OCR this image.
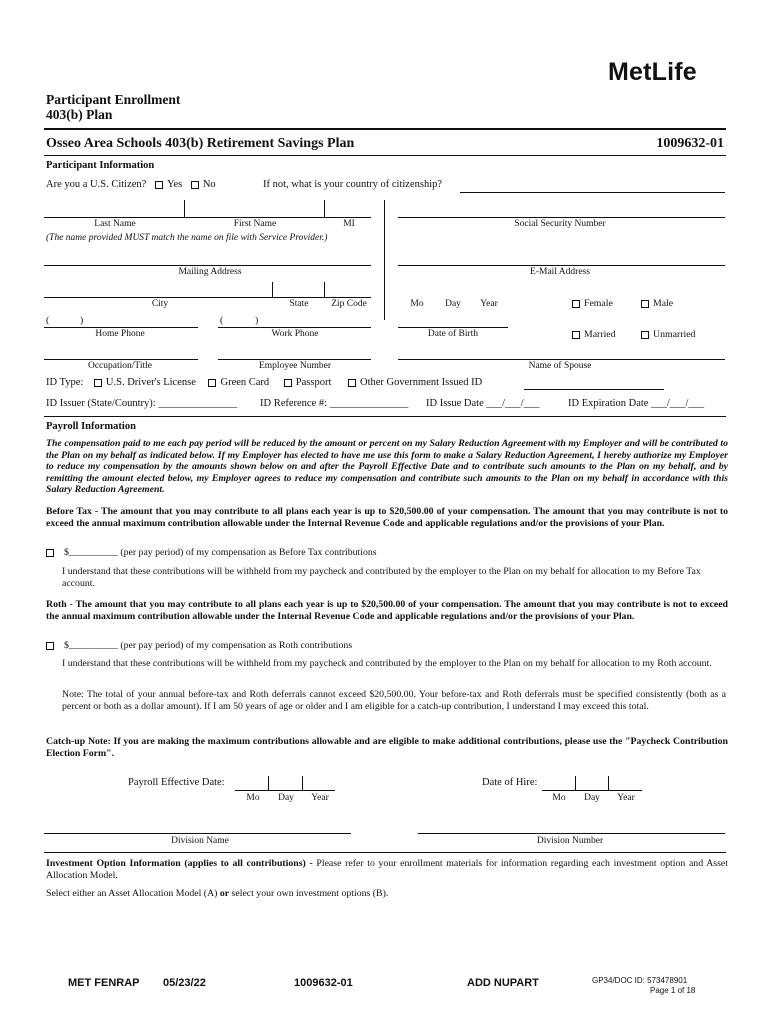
MetLife
Participant Enrollment
403(b) Plan
Osseo Area Schools 403(b) Retirement Savings Plan	1009632-01
Participant Information
Are you a U.S. Citizen? Yes No	If not, what is your country of citizenship?
Last Name	First Name	MI	Social Security Number
(The name provided MUST match the name on file with Service Provider.)
Mailing Address	E-Mail Address
City	State	Zip Code	Mo	Day	Year	Female	Male
(	)	(	)
Home Phone	Work Phone	Date of Birth	Married	Unmarried
Occupation/Title	Employee Number	Name of Spouse
ID Type: U.S. Driver's License Green Card	Passport	Other Government Issued ID
ID Issuer (State/Country): _______________ ID Reference #: _______________ ID Issue Date ___/___/___	ID Expiration Date ___/___/___
Payroll Information
The compensation paid to me each pay period will be reduced by the amount or percent on my Salary Reduction Agreement with my Employer and will be contributed to the Plan on my behalf as indicated below. If my Employer has elected to have me use this form to make a Salary Reduction Agreement, I hereby authorize my Employer to reduce my compensation by the amounts shown below on and after the Payroll Effective Date and to contribute such amounts to the Plan on my behalf, and by remitting the amount elected below, my Employer agrees to reduce my compensation and contribute such amounts to the Plan on my behalf in accordance with this Salary Reduction Agreement.
Before Tax - The amount that you may contribute to all plans each year is up to $20,500.00 of your compensation. The amount that you may contribute is not to exceed the annual maximum contribution allowable under the Internal Revenue Code and applicable regulations and/or the provisions of your Plan.
$__________ (per pay period) of my compensation as Before Tax contributions
I understand that these contributions will be withheld from my paycheck and contributed by the employer to the Plan on my behalf for allocation to my Before Tax account.
Roth - The amount that you may contribute to all plans each year is up to $20,500.00 of your compensation. The amount that you may contribute is not to exceed the annual maximum contribution allowable under the Internal Revenue Code and applicable regulations and/or the provisions of your Plan.
$__________ (per pay period) of my compensation as Roth contributions
I understand that these contributions will be withheld from my paycheck and contributed by the employer to the Plan on my behalf for allocation to my Roth account.
Note: The total of your annual before-tax and Roth deferrals cannot exceed $20,500.00. Your before-tax and Roth deferrals must be specified consistently (both as a percent or both as a dollar amount). If I am 50 years of age or older and I am eligible for a catch-up contribution, I understand I may exceed this total.
Catch-up Note: If you are making the maximum contributions allowable and are eligible to make additional contributions, please use the "Paycheck Contribution Election Form".
Payroll Effective Date:
Mo	Day	Year
Date of Hire:
Mo	Day	Year
Division Name	Division Number
Investment Option Information (applies to all contributions) - Please refer to your enrollment materials for information regarding each investment option and Asset Allocation Model.
Select either an Asset Allocation Model (A) or select your own investment options (B).
MET FENRAP 05/23/22	1009632-01	ADD NUPART	GP34/DOC ID: 573478901
Page 1 of 18
